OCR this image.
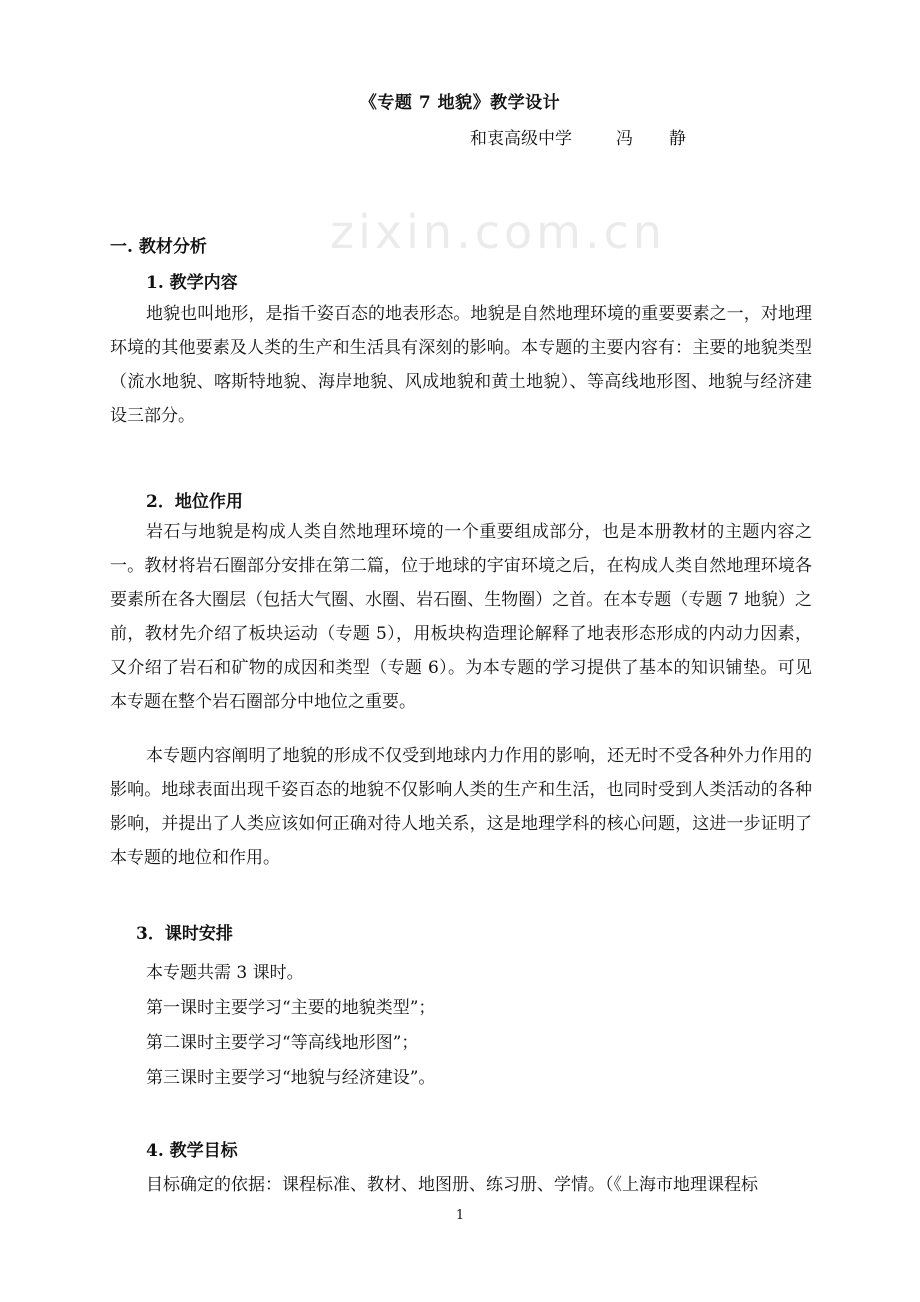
《专题 7 地貌》教学设计
和衷高级中学	冯 静
zixin.com.cn
一. 教材分析
1. 教学内容
地貌也叫地形，是指千姿百态的地表形态。地貌是自然地理环境的重要要素之一，对地理环境的其他要素及人类的生产和生活具有深刻的影响。本专题的主要内容有：主要的地貌类型（流水地貌、喀斯特地貌、海岸地貌、风成地貌和黄土地貌）、等高线地形图、地貌与经济建设三部分。
2．地位作用
岩石与地貌是构成人类自然地理环境的一个重要组成部分，也是本册教材的主题内容之一。教材将岩石圈部分安排在第二篇，位于地球的宇宙环境之后，在构成人类自然地理环境各要素所在各大圈层（包括大气圈、水圈、岩石圈、生物圈）之首。在本专题（专题 7 地貌）之前，教材先介绍了板块运动（专题 5），用板块构造理论解释了地表形态形成的内动力因素，又介绍了岩石和矿物的成因和类型（专题 6）。为本专题的学习提供了基本的知识铺垫。可见本专题在整个岩石圈部分中地位之重要。
本专题内容阐明了地貌的形成不仅受到地球内力作用的影响，还无时不受各种外力作用的影响。地球表面出现千姿百态的地貌不仅影响人类的生产和生活，也同时受到人类活动的各种影响，并提出了人类应该如何正确对待人地关系，这是地理学科的核心问题，这进一步证明了本专题的地位和作用。
3．课时安排
本专题共需 3 课时。
第一课时主要学习“主要的地貌类型”；
第二课时主要学习“等高线地形图”；
第三课时主要学习“地貌与经济建设”。
4. 教学目标
目标确定的依据：课程标准、教材、地图册、练习册、学情。（《上海市地理课程标
1
